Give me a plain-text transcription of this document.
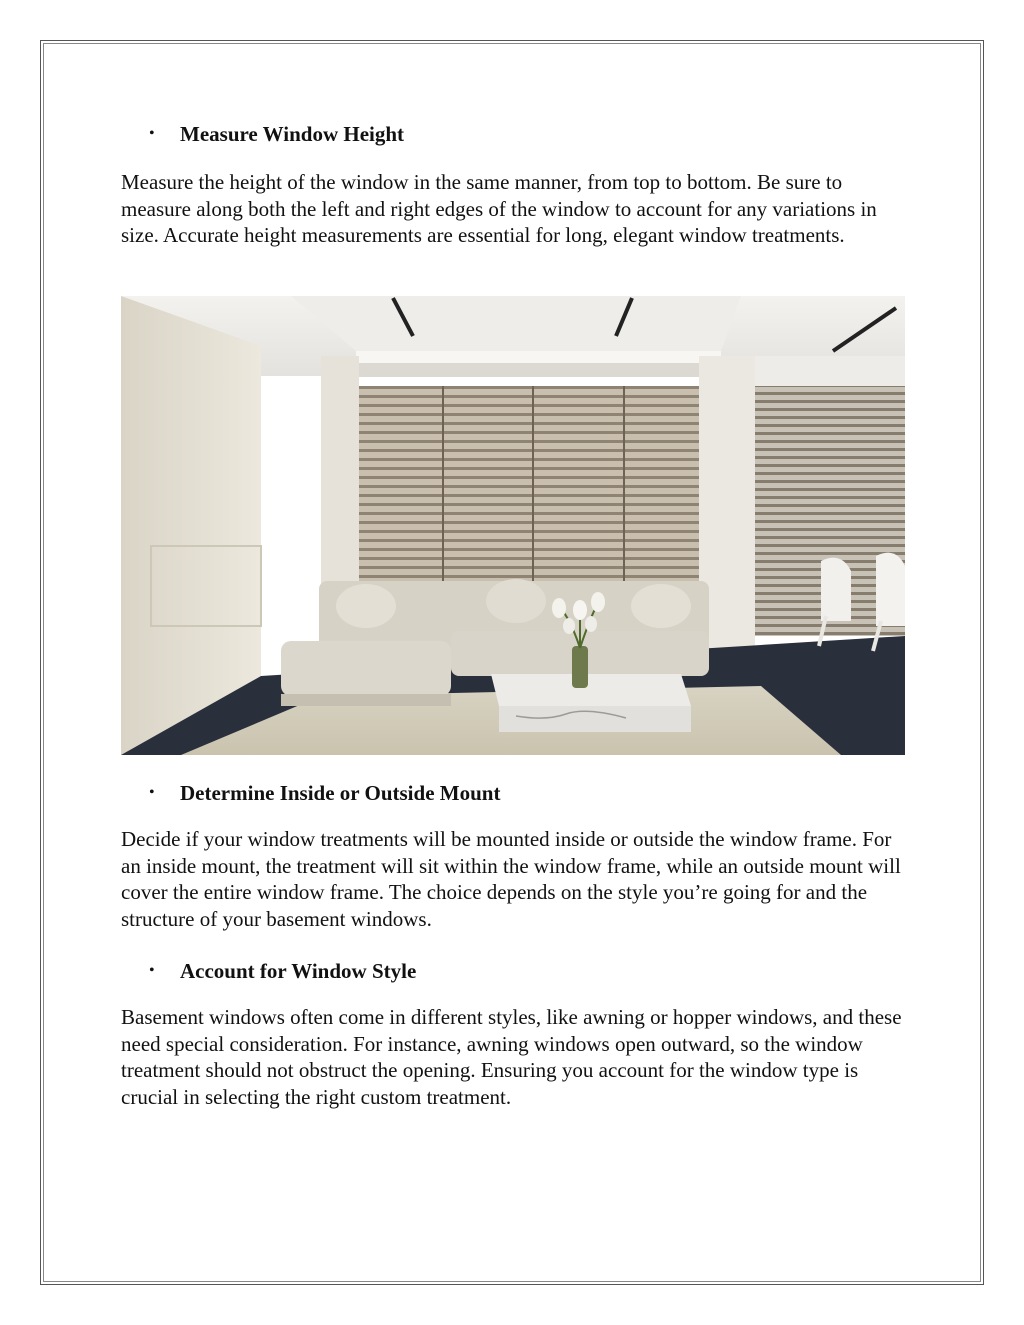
• Measure Window Height

Measure the height of the window in the same manner, from top to bottom. Be sure to measure along both the left and right edges of the window to account for any variations in size. Accurate height measurements are essential for long, elegant window treatments.

• Determine Inside or Outside Mount

Decide if your window treatments will be mounted inside or outside the window frame. For an inside mount, the treatment will sit within the window frame, while an outside mount will cover the entire window frame. The choice depends on the style you’re going for and the structure of your basement windows.

• Account for Window Style

Basement windows often come in different styles, like awning or hopper windows, and these need special consideration. For instance, awning windows open outward, so the window treatment should not obstruct the opening. Ensuring you account for the window type is crucial in selecting the right custom treatment.
